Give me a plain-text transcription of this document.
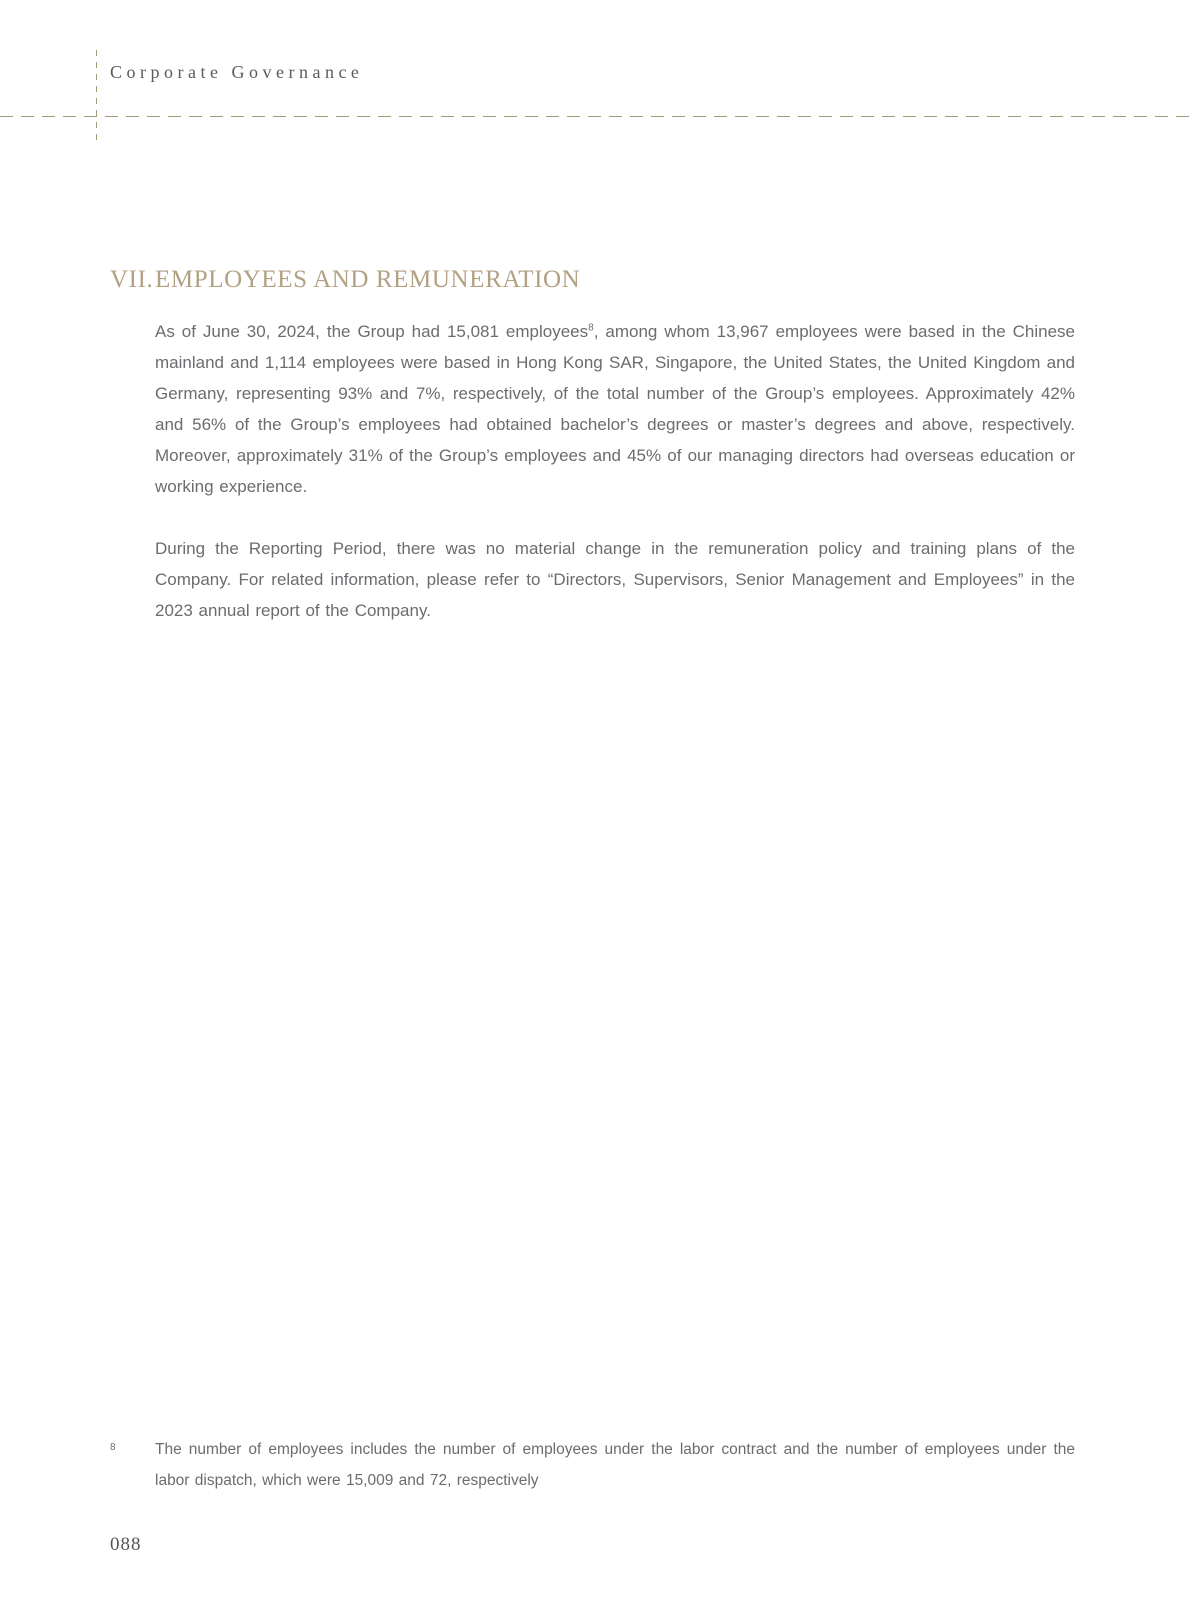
Corporate Governance
VII. EMPLOYEES AND REMUNERATION

As of June 30, 2024, the Group had 15,081 employees$^8$, among whom 13,967 employees were based in the Chinese mainland and 1,114 employees were based in Hong Kong SAR, Singapore, the United States, the United Kingdom and Germany, representing 93% and 7%, respectively, of the total number of the Group’s employees. Approximately 42% and 56% of the Group’s employees had obtained bachelor’s degrees or master’s degrees and above, respectively. Moreover, approximately 31% of the Group’s employees and 45% of our managing directors had overseas education or working experience.

During the Reporting Period, there was no material change in the remuneration policy and training plans of the Company. For related information, please refer to “Directors, Supervisors, Senior Management and Employees” in the 2023 annual report of the Company.

8	The number of employees includes the number of employees under the labor contract and the number of employees under the labor dispatch, which were 15,009 and 72, respectively
088
